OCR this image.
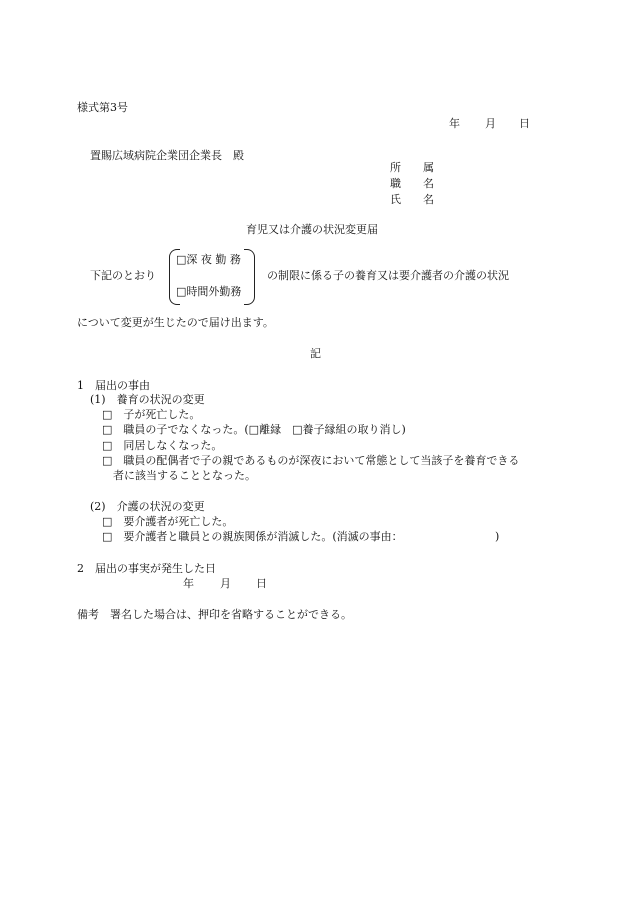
様式第3号

年 月 日

置賜広域病院企業団企業長　殿

所　　属

職　　名

氏　　名

育児又は介護の状況変更届

下記のとおり

□深 夜 勤 務

□時間外勤務

の制限に係る子の養育又は要介護者の介護の状況

について変更が生じたので届け出ます。

記

1　届出の事由

(1)　養育の状況の変更

□　子が死亡した。

□　職員の子でなくなった。(□離縁　□養子縁組の取り消し)

□　同居しなくなった。

□　職員の配偶者で子の親であるものが深夜において常態として当該子を養育できる

者に該当することとなった。

(2)　介護の状況の変更

□　要介護者が死亡した。

□　要介護者と職員との親族関係が消滅した。(消滅の事由：	)

2　届出の事実が発生した日

年 月 日

備考　署名した場合は、押印を省略することができる。
